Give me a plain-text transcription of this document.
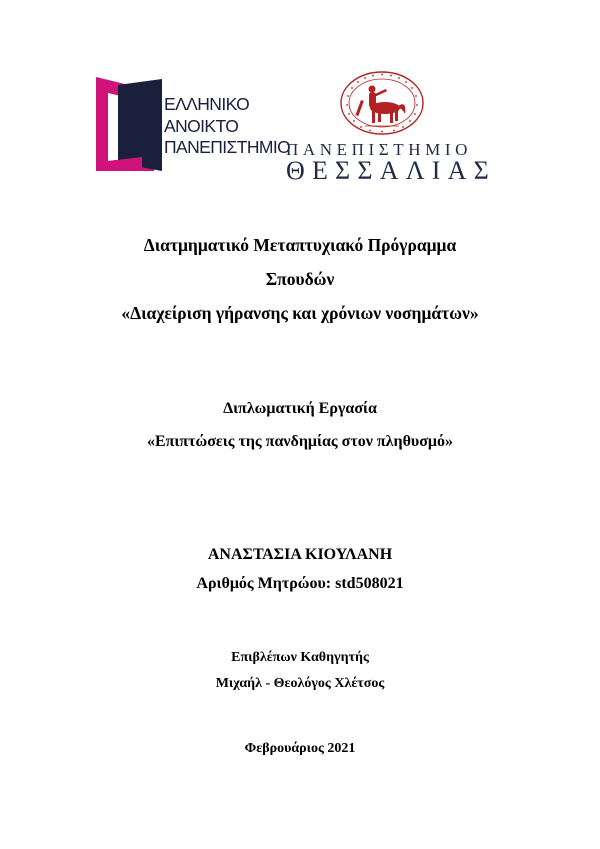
ΕΛΛΗΝΙΚΟ
ΑΝΟΙΚΤΟ
ΠΑΝΕΠΙΣΤΗΜΙΟ
ΠΑΝΕΠΙΣΤΗΜΙΟ
ΘΕΣΣΑΛΙΑΣ
Διατμηματικό Μεταπτυχιακό Πρόγραμμα
Σπουδών
«Διαχείριση γήρανσης και χρόνιων νοσημάτων»
Διπλωματική Εργασία
«Επιπτώσεις της πανδημίας στον πληθυσμό»
ΑΝΑΣΤΑΣΙΑ ΚΙΟΥΛΑΝΗ
Αριθμός Μητρώου: std508021
Επιβλέπων Καθηγητής
Μιχαήλ - Θεολόγος Χλέτσος
Φεβρουάριος 2021
